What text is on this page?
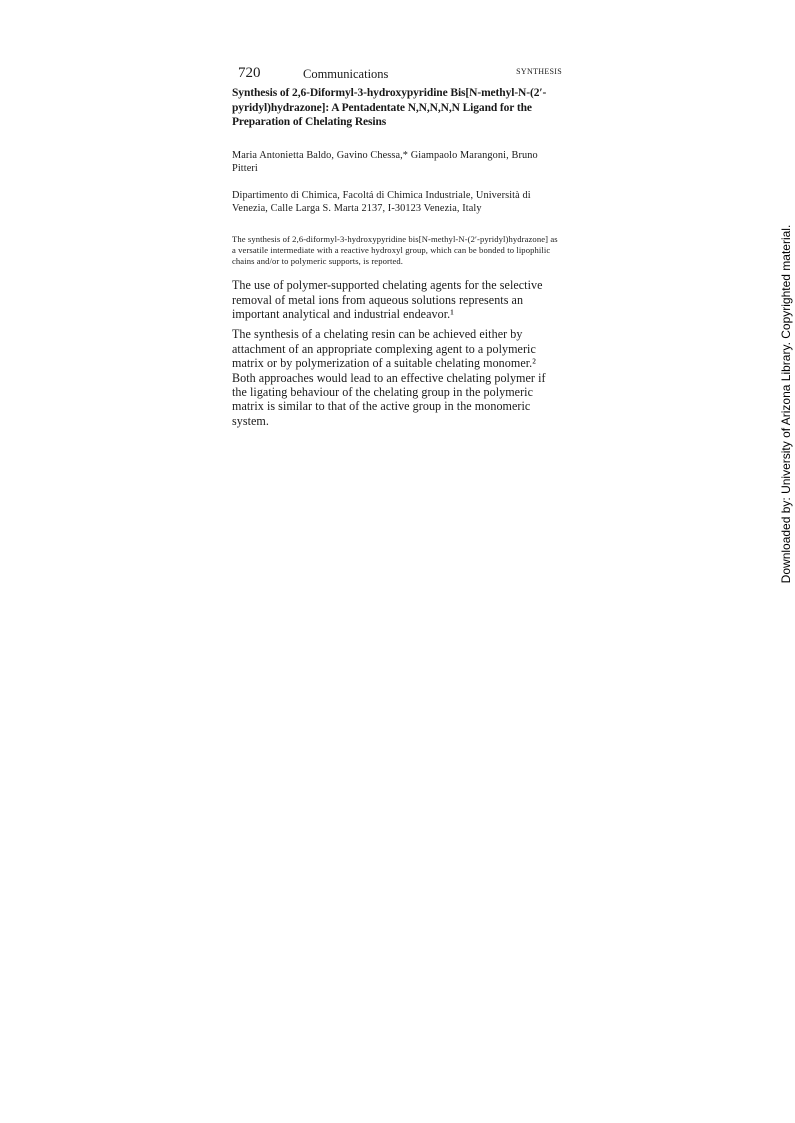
720	Communications	SYNTHESIS
Synthesis of 2,6-Diformyl-3-hydroxypyridine Bis[N-methyl-N-(2′-pyridyl)hydrazone]: A Pentadentate N,N,N,N,N Ligand for the Preparation of Chelating Resins

Maria Antonietta Baldo, Gavino Chessa,* Giampaolo Marangoni, Bruno Pitteri

Dipartimento di Chimica, Facoltá di Chimica Industriale, Università di Venezia, Calle Larga S. Marta 2137, I-30123 Venezia, Italy

The synthesis of 2,6-diformyl-3-hydroxypyridine bis[N-methyl-N-(2′-pyridyl)hydrazone] as a versatile intermediate with a reactive hydroxyl group, which can be bonded to lipophilic chains and/or to polymeric supports, is reported.

The use of polymer-supported chelating agents for the selective removal of metal ions from aqueous solutions represents an important analytical and industrial endeavor.¹

The synthesis of a chelating resin can be achieved either by attachment of an appropriate complexing agent to a polymeric matrix or by polymerization of a suitable chelating monomer.² Both approaches would lead to an effective chelating polymer if the ligating behaviour of the chelating group in the polymeric matrix is similar to that of the active group in the monomeric system.	Downloaded by: University of Arizona Library. Copyrighted material.
